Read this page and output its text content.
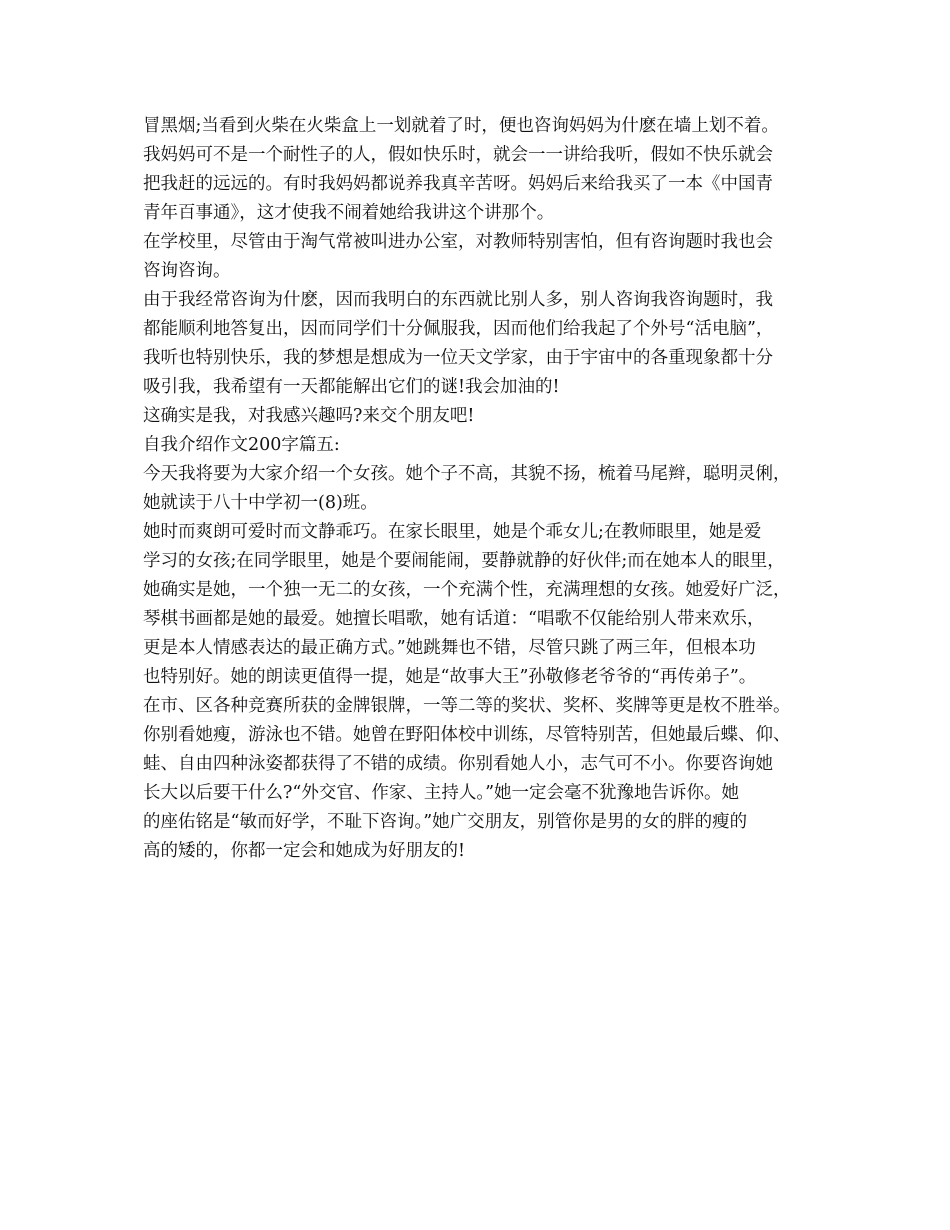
冒黑烟;当看到火柴在火柴盒上一划就着了时，便也咨询妈妈为什麽在墙上划不着。
我妈妈可不是一个耐性子的人，假如快乐时，就会一一讲给我听，假如不快乐就会
把我赶的远远的。有时我妈妈都说养我真辛苦呀。妈妈后来给我买了一本《中国青
青年百事通》，这才使我不闹着她给我讲这个讲那个。
在学校里，尽管由于淘气常被叫进办公室，对教师特别害怕，但有咨询题时我也会
咨询咨询。
由于我经常咨询为什麽，因而我明白的东西就比别人多，别人咨询我咨询题时，我
都能顺利地答复出，因而同学们十分佩服我，因而他们给我起了个外号“活电脑”，
我听也特别快乐，我的梦想是想成为一位天文学家，由于宇宙中的各重现象都十分
吸引我，我希望有一天都能解出它们的谜!我会加油的!
这确实是我，对我感兴趣吗?来交个朋友吧!
自我介绍作文200字篇五:
今天我将要为大家介绍一个女孩。她个子不高，其貌不扬，梳着马尾辫，聪明灵俐，
她就读于八十中学初一(8)班。
她时而爽朗可爱时而文静乖巧。在家长眼里，她是个乖女儿;在教师眼里，她是爱
学习的女孩;在同学眼里，她是个要闹能闹，要静就静的好伙伴;而在她本人的眼里，
她确实是她，一个独一无二的女孩，一个充满个性，充满理想的女孩。她爱好广泛，
琴棋书画都是她的最爱。她擅长唱歌，她有话道：“唱歌不仅能给别人带来欢乐，
更是本人情感表达的最正确方式。”她跳舞也不错，尽管只跳了两三年，但根本功
也特别好。她的朗读更值得一提，她是“故事大王”孙敬修老爷爷的“再传弟子”。
在市、区各种竞赛所获的金牌银牌，一等二等的奖状、奖杯、奖牌等更是枚不胜举。
你别看她瘦，游泳也不错。她曾在野阳体校中训练，尽管特别苦，但她最后蝶、仰、
蛙、自由四种泳姿都获得了不错的成绩。你别看她人小，志气可不小。你要咨询她
长大以后要干什么?“外交官、作家、主持人。”她一定会毫不犹豫地告诉你。她
的座佑铭是“敏而好学，不耻下咨询。”她广交朋友，别管你是男的女的胖的瘦的
高的矮的，你都一定会和她成为好朋友的!
